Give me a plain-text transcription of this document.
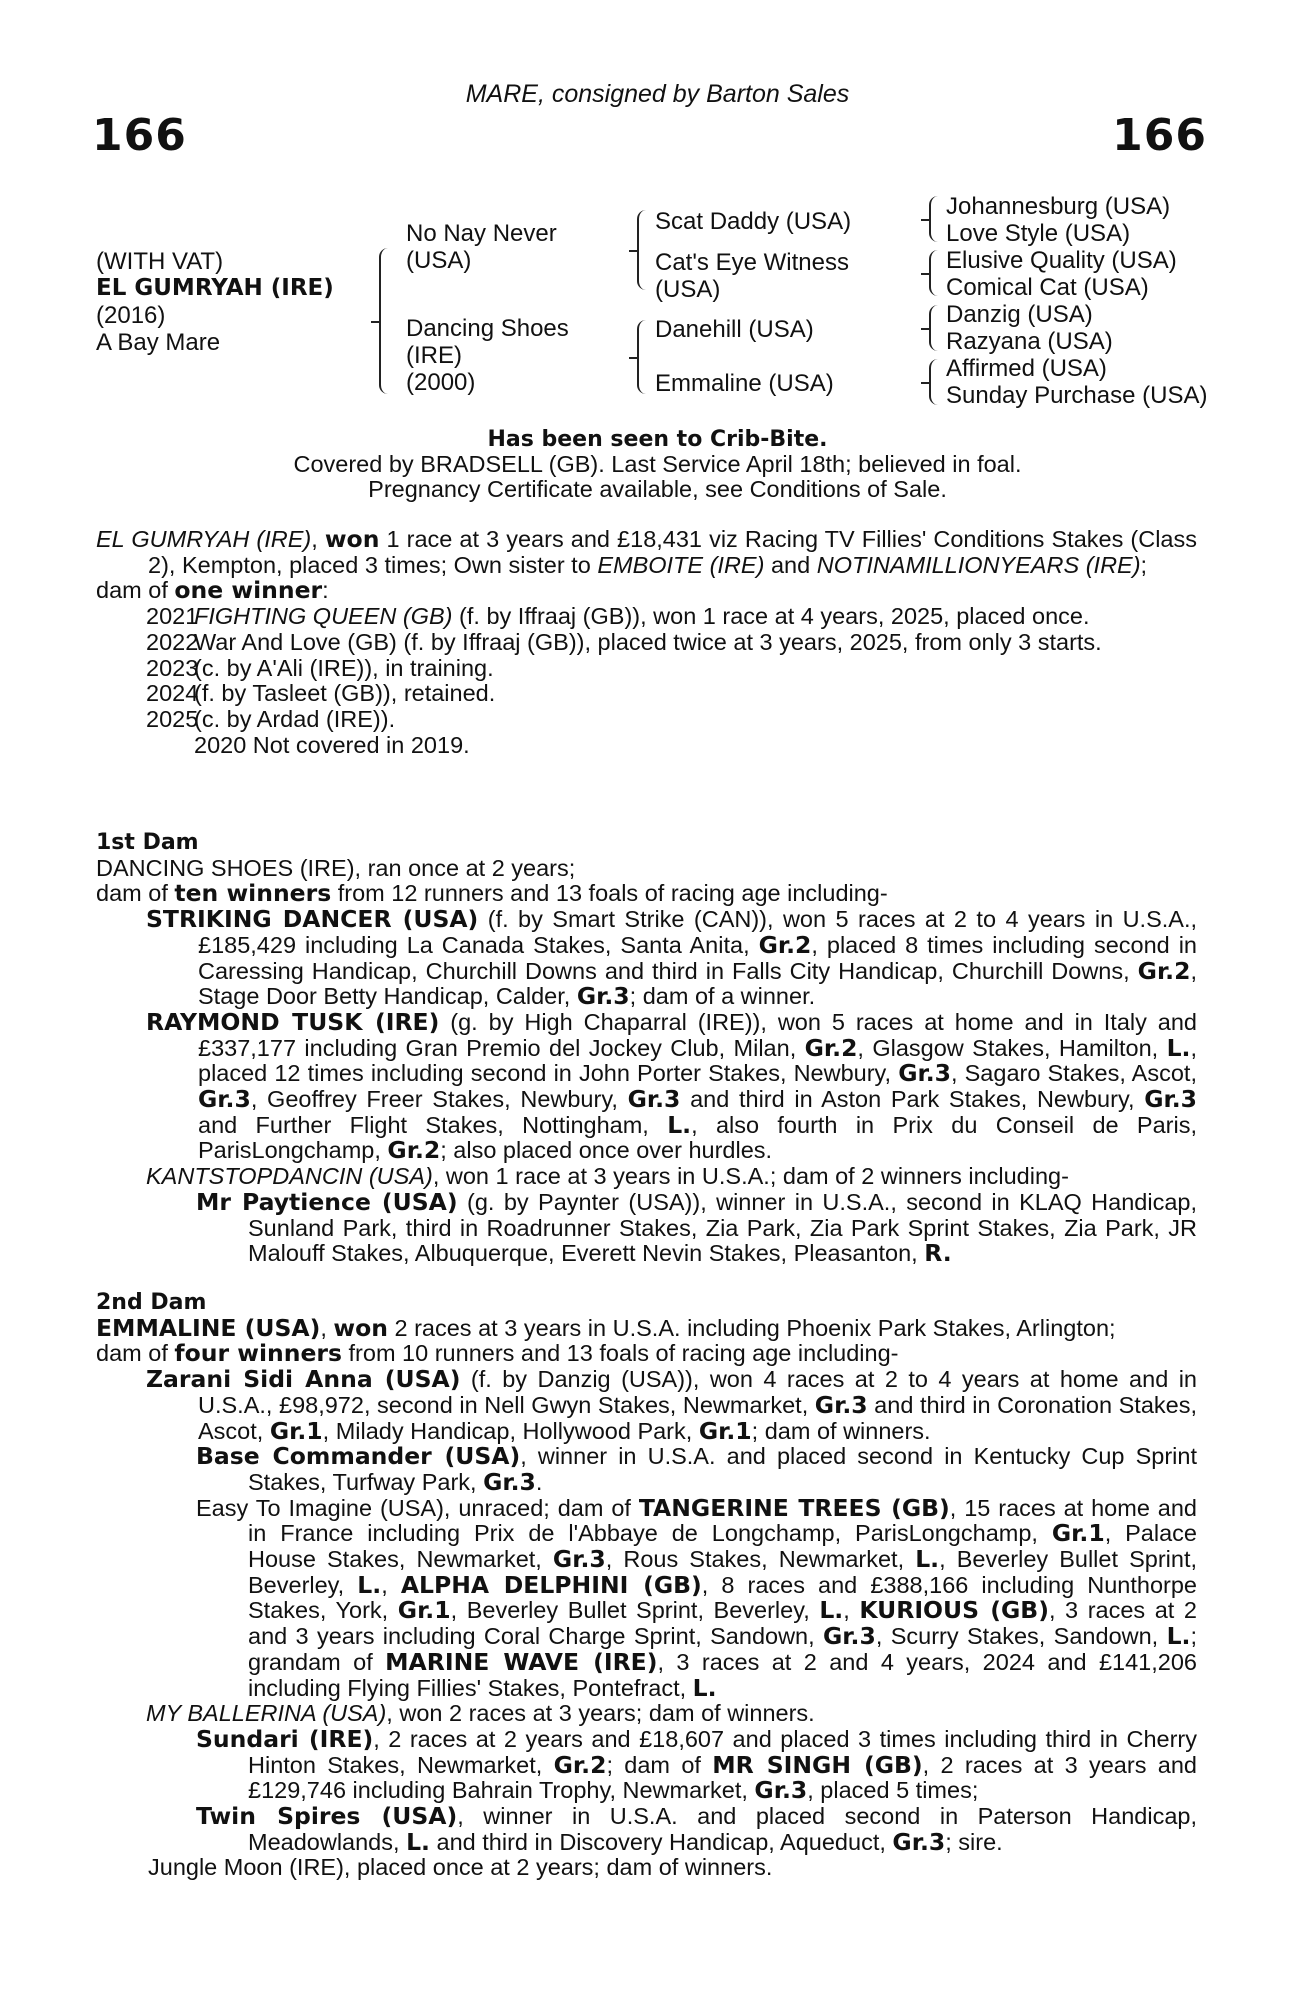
166	166
MARE, consigned by Barton Sales
(WITH VAT)
EL GUMRYAH (IRE)
(2016)
A Bay Mare
No Nay Never
(USA)
Dancing Shoes
(IRE)
(2000)
Scat Daddy (USA)
Cat's Eye Witness
(USA)
Danehill (USA)
Emmaline (USA)
Johannesburg (USA)
Love Style (USA)
Elusive Quality (USA)
Comical Cat (USA)
Danzig (USA)
Razyana (USA)
Affirmed (USA)
Sunday Purchase (USA)
Has been seen to Crib-Bite.
Covered by BRADSELL (GB). Last Service April 18th; believed in foal.
Pregnancy Certificate available, see Conditions of Sale.

EL GUMRYAH (IRE), won 1 race at 3 years and £18,431 viz Racing TV Fillies' Conditions Stakes (Class 2), Kempton, placed 3 times; Own sister to EMBOITE (IRE) and NOTINAMILLIONYEARS (IRE);

dam of one winner:

2021
FIGHTING QUEEN (GB) (f. by Iffraaj (GB)), won 1 race at 4 years, 2025, placed once.
2022
War And Love (GB) (f. by Iffraaj (GB)), placed twice at 3 years, 2025, from only 3 starts.
2023
(c. by A'Ali (IRE)), in training.
2024
(f. by Tasleet (GB)), retained.
2025
(c. by Ardad (IRE)).
2020 Not covered in 2019.

1st Dam

DANCING SHOES (IRE), ran once at 2 years;

dam of ten winners from 12 runners and 13 foals of racing age including-

STRIKING DANCER (USA) (f. by Smart Strike (CAN)), won 5 races at 2 to 4 years in U.S.A., £185,429 including La Canada Stakes, Santa Anita, Gr.2, placed 8 times including second in Caressing Handicap, Churchill Downs and third in Falls City Handicap, Churchill Downs, Gr.2, Stage Door Betty Handicap, Calder, Gr.3; dam of a winner.

RAYMOND TUSK (IRE) (g. by High Chaparral (IRE)), won 5 races at home and in Italy and £337,177 including Gran Premio del Jockey Club, Milan, Gr.2, Glasgow Stakes, Hamilton, L., placed 12 times including second in John Porter Stakes, Newbury, Gr.3, Sagaro Stakes, Ascot, Gr.3, Geoffrey Freer Stakes, Newbury, Gr.3 and third in Aston Park Stakes, Newbury, Gr.3 and Further Flight Stakes, Nottingham, L., also fourth in Prix du Conseil de Paris, ParisLongchamp, Gr.2; also placed once over hurdles.

KANTSTOPDANCIN (USA), won 1 race at 3 years in U.S.A.; dam of 2 winners including-

Mr Paytience (USA) (g. by Paynter (USA)), winner in U.S.A., second in KLAQ Handicap, Sunland Park, third in Roadrunner Stakes, Zia Park, Zia Park Sprint Stakes, Zia Park, JR Malouff Stakes, Albuquerque, Everett Nevin Stakes, Pleasanton, R.

2nd Dam

EMMALINE (USA), won 2 races at 3 years in U.S.A. including Phoenix Park Stakes, Arlington;

dam of four winners from 10 runners and 13 foals of racing age including-

Zarani Sidi Anna (USA) (f. by Danzig (USA)), won 4 races at 2 to 4 years at home and in U.S.A., £98,972, second in Nell Gwyn Stakes, Newmarket, Gr.3 and third in Coronation Stakes, Ascot, Gr.1, Milady Handicap, Hollywood Park, Gr.1; dam of winners.

Base Commander (USA), winner in U.S.A. and placed second in Kentucky Cup Sprint Stakes, Turfway Park, Gr.3.

Easy To Imagine (USA), unraced; dam of TANGERINE TREES (GB), 15 races at home and in France including Prix de l'Abbaye de Longchamp, ParisLongchamp, Gr.1, Palace House Stakes, Newmarket, Gr.3, Rous Stakes, Newmarket, L., Beverley Bullet Sprint, Beverley, L., ALPHA DELPHINI (GB), 8 races and £388,166 including Nunthorpe Stakes, York, Gr.1, Beverley Bullet Sprint, Beverley, L., KURIOUS (GB), 3 races at 2 and 3 years including Coral Charge Sprint, Sandown, Gr.3, Scurry Stakes, Sandown, L.; grandam of MARINE WAVE (IRE), 3 races at 2 and 4 years, 2024 and £141,206 including Flying Fillies' Stakes, Pontefract, L.

MY BALLERINA (USA), won 2 races at 3 years; dam of winners.

Sundari (IRE), 2 races at 2 years and £18,607 and placed 3 times including third in Cherry Hinton Stakes, Newmarket, Gr.2; dam of MR SINGH (GB), 2 races at 3 years and £129,746 including Bahrain Trophy, Newmarket, Gr.3, placed 5 times;

Twin Spires (USA), winner in U.S.A. and placed second in Paterson Handicap, Meadowlands, L. and third in Discovery Handicap, Aqueduct, Gr.3; sire.

Jungle Moon (IRE), placed once at 2 years; dam of winners.
